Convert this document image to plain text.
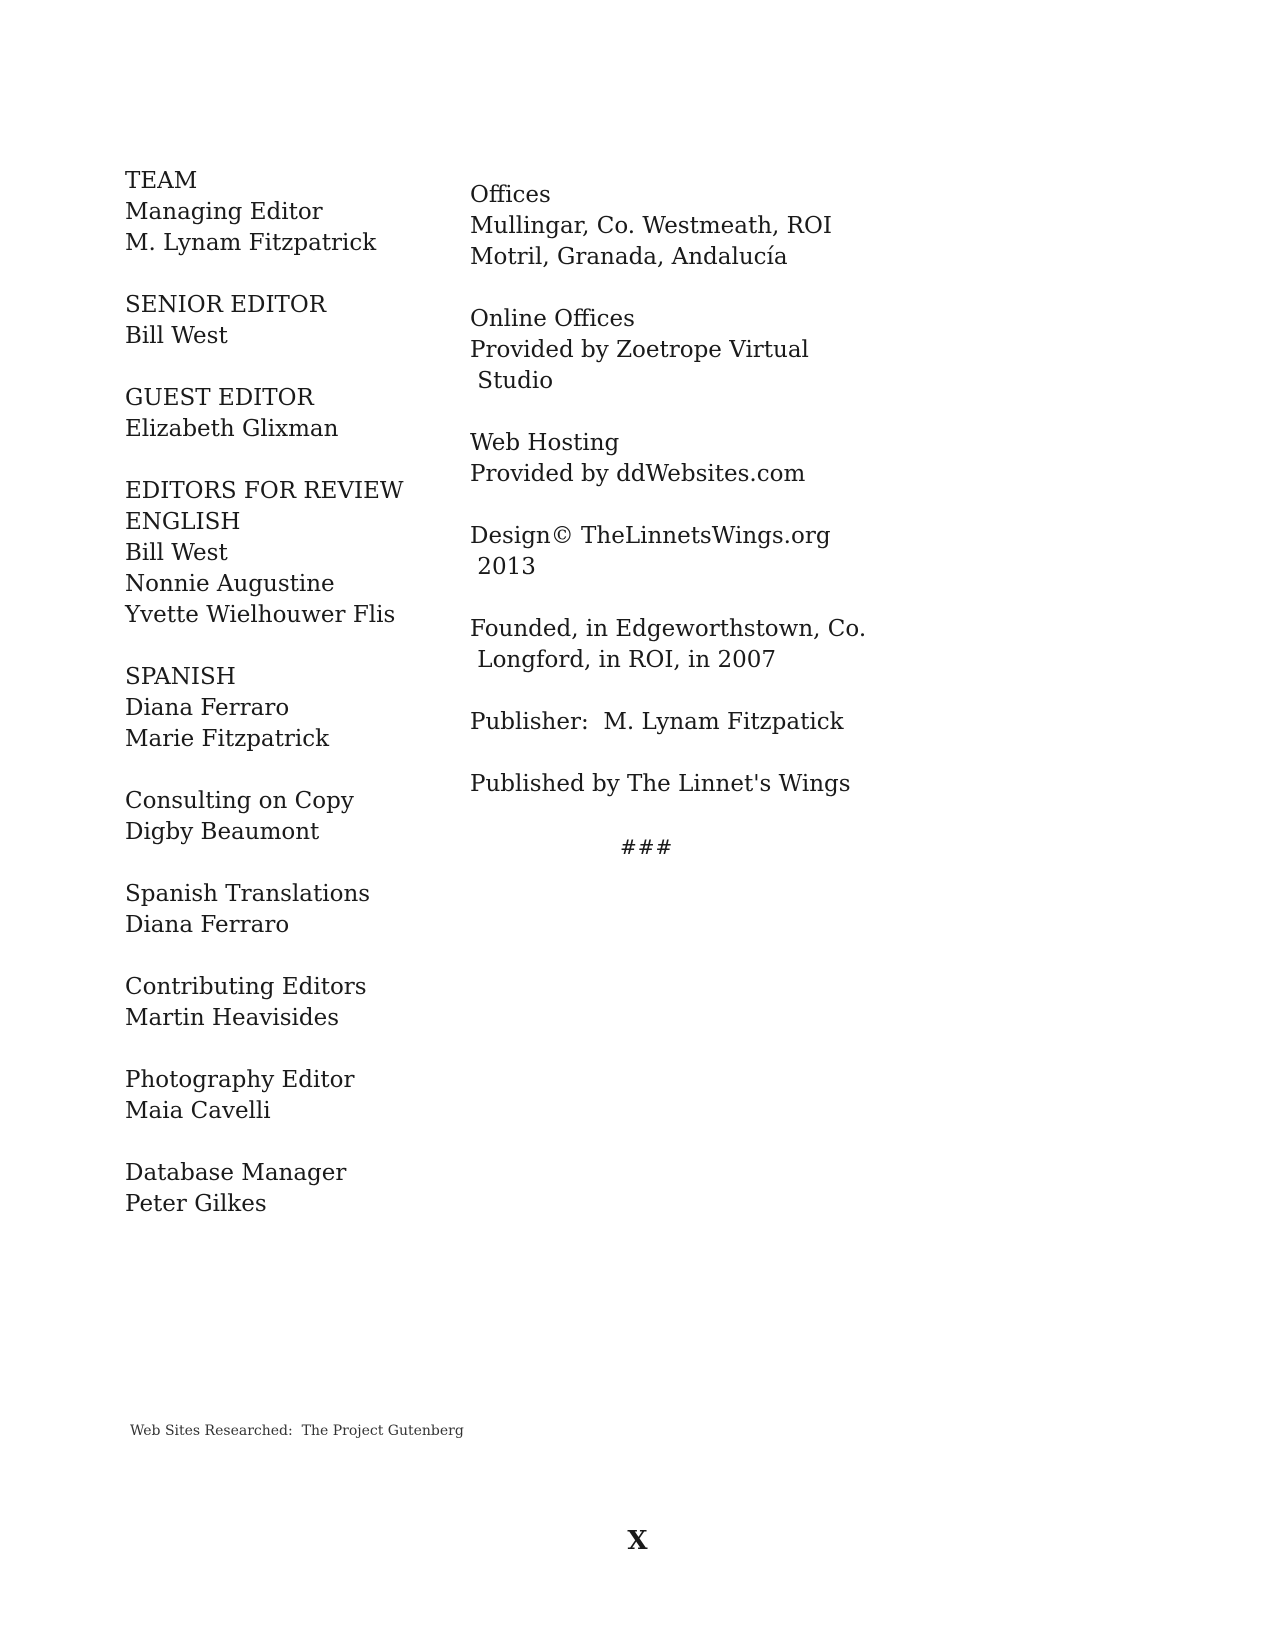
TEAM
Managing Editor
M. Lynam Fitzpatrick
SENIOR EDITOR
Bill West
GUEST EDITOR
Elizabeth Glixman
EDITORS FOR REVIEW
ENGLISH
Bill West
Nonnie Augustine
Yvette Wielhouwer Flis
SPANISH
Diana Ferraro
Marie Fitzpatrick
Consulting on Copy
Digby Beaumont
Spanish Translations
Diana Ferraro
Contributing Editors
Martin Heavisides
Photography Editor
Maia Cavelli
Database Manager
Peter Gilkes
Offices
Mullingar, Co. Westmeath, ROI
Motril, Granada, Andalucía
Online Offices
Provided by Zoetrope Virtual
Studio
Web Hosting
Provided by ddWebsites.com
Design© TheLinnetsWings.org
2013
Founded, in Edgeworthstown, Co.
Longford, in ROI, in 2007
Publisher:  M. Lynam Fitzpatick
Published by The Linnet's Wings
###
Web Sites Researched:  The Project Gutenberg
X
